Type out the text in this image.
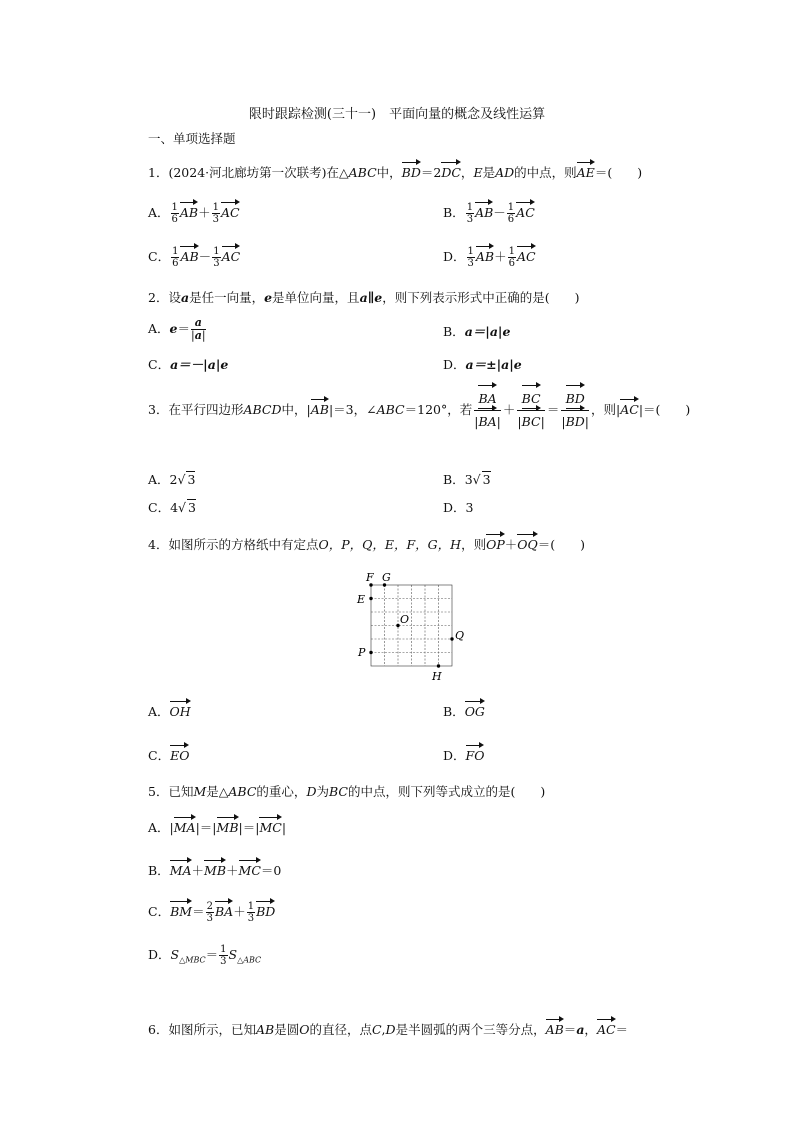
限时跟踪检测(三十一)　平面向量的概念及线性运算
一、单项选择题
1．(2024·河北廊坊第一次联考)在△ABC中，BD＝2DC，E是AD的中点，则AE＝(　　)
A． $\frac{1}{6} AB+ \frac{1}{3}$ AC	B． $\frac{1}{3} AB- \frac{1}{6}$ AC
C． $\frac{1}{6} AB- \frac{1}{3}$ AC	D． $\frac{1}{3} AB+ \frac{1}{6}$ AC
2．设a是任一向量，e是单位向量，且a∥e，则下列表示形式中正确的是(　　)
A．$e= \frac{a}{|a|}$	B．a＝|a|e
C．a＝－|a|e	D．a＝±|a|e
3．在平行四边形ABCD中，|AB|＝3，∠ABC＝120°，若 $\frac{BA}{|BA|} + \frac{BC}{|BC|} = \frac{BD}{|BD|}$ ，则|AC|＝(　　)
A．2√ 3	B．3√ 3
C．4√ 3	D．3
4．如图所示的方格纸中有定点O，P，Q，E，F，G，H，则OP＋OQ＝(　　)
F G
E
O
Q
P
H
A．OH	B．OG
C．EO	D．FO
5．已知M是△ABC的重心，D为BC的中点，则下列等式成立的是(　　)
A．|MA|＝|MB|＝|MC|
B．MA＋MB＋MC＝0
C．$BM= \frac{2}{3} BA+ \frac{1}{3}$ BD
D．$S_{\triangle MBC}= \frac{1}{3} S_{\triangle ABC}$
6．如图所示，已知AB是圆O的直径，点C,D是半圆弧的两个三等分点，AB＝a，AC＝
